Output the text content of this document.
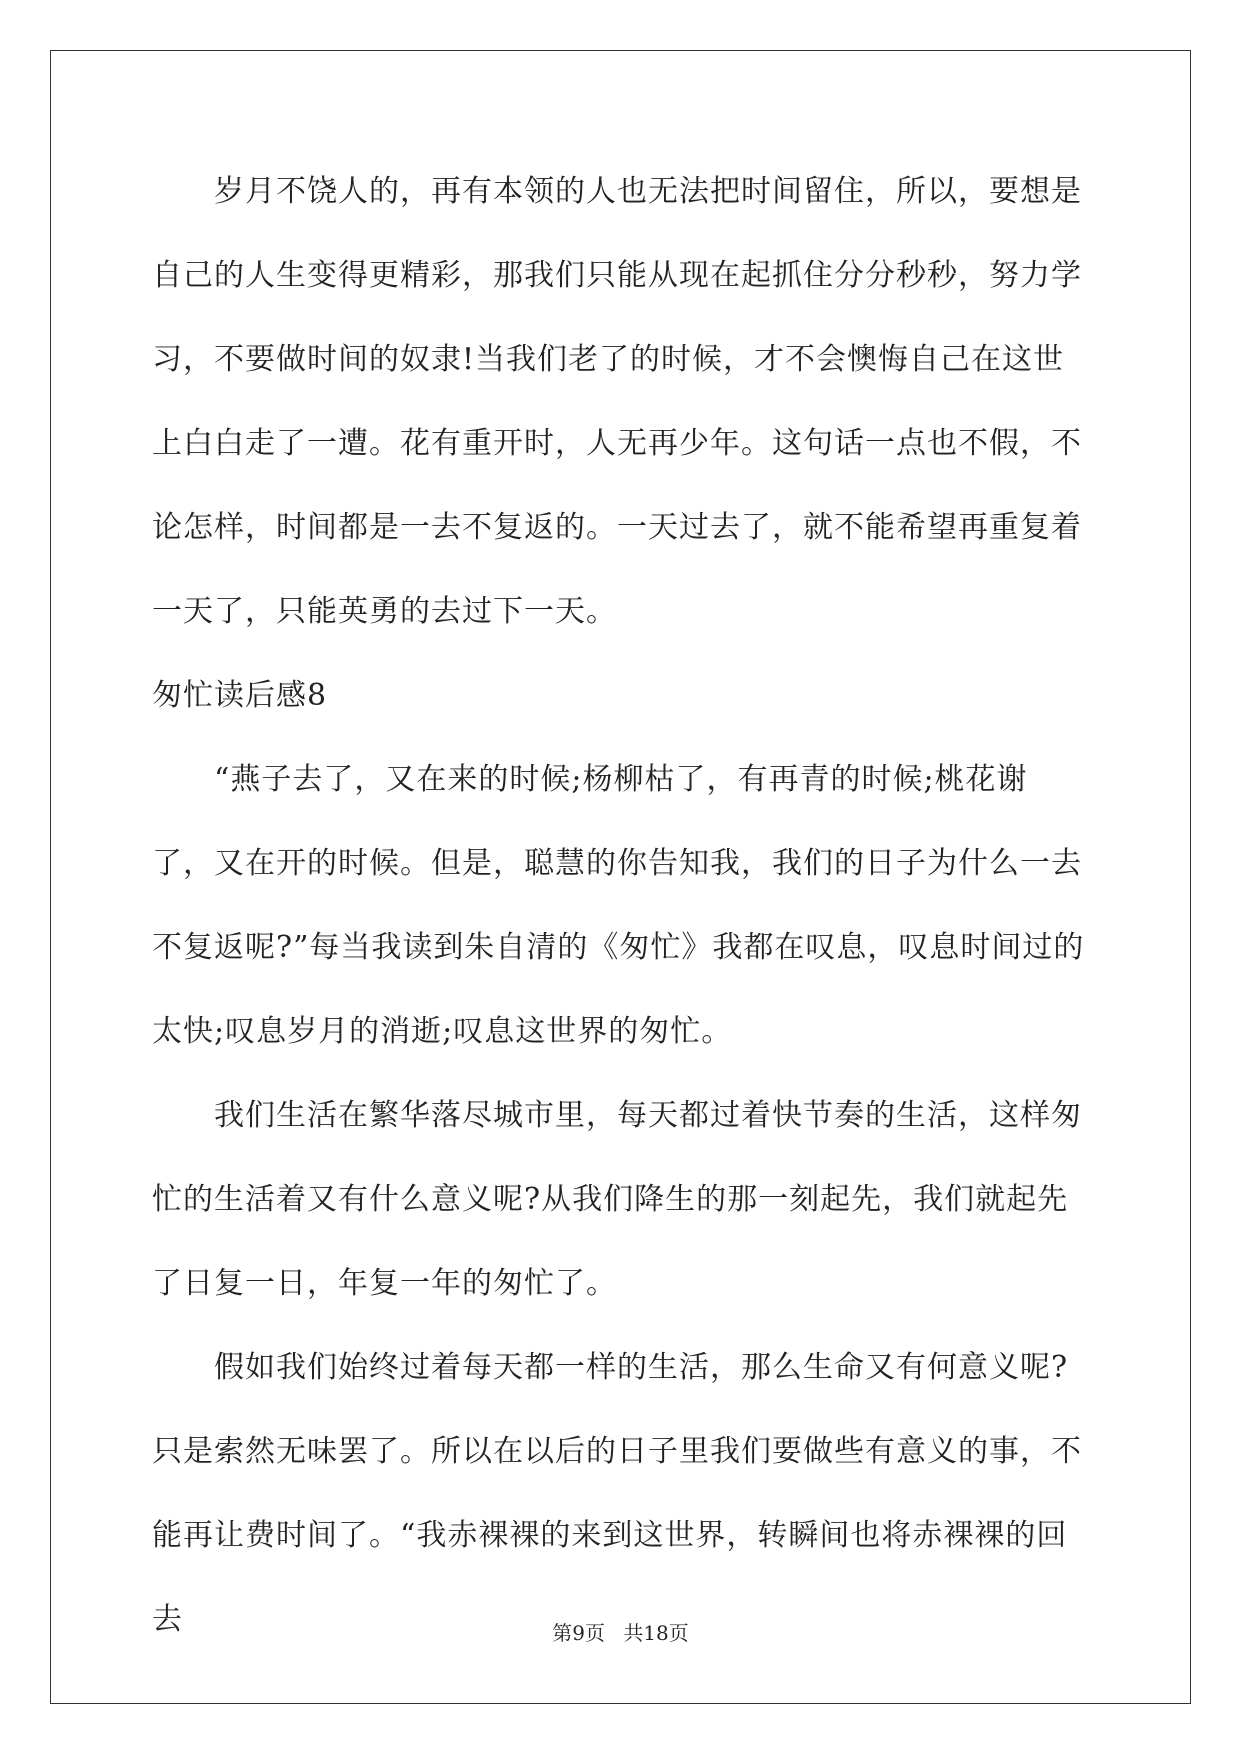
岁月不饶人的，再有本领的人也无法把时间留住，所以，要想是自己的人生变得更精彩，那我们只能从现在起抓住分分秒秒，努力学习，不要做时间的奴隶!当我们老了的时候，才不会懊悔自己在这世上白白走了一遭。花有重开时，人无再少年。这句话一点也不假，不论怎样，时间都是一去不复返的。一天过去了，就不能希望再重复着一天了，只能英勇的去过下一天。

匆忙读后感8

“燕子去了，又在来的时候;杨柳枯了，有再青的时候;桃花谢了，又在开的时候。但是，聪慧的你告知我，我们的日子为什么一去不复返呢?”每当我读到朱自清的《匆忙》我都在叹息，叹息时间过的太快;叹息岁月的消逝;叹息这世界的匆忙。

我们生活在繁华落尽城市里，每天都过着快节奏的生活，这样匆忙的生活着又有什么意义呢?从我们降生的那一刻起先，我们就起先了日复一日，年复一年的匆忙了。

假如我们始终过着每天都一样的生活，那么生命又有何意义呢?只是索然无味罢了。所以在以后的日子里我们要做些有意义的事，不能再让费时间了。“我赤裸裸的来到这世界，转瞬间也将赤裸裸的回去	第9页 共18页
